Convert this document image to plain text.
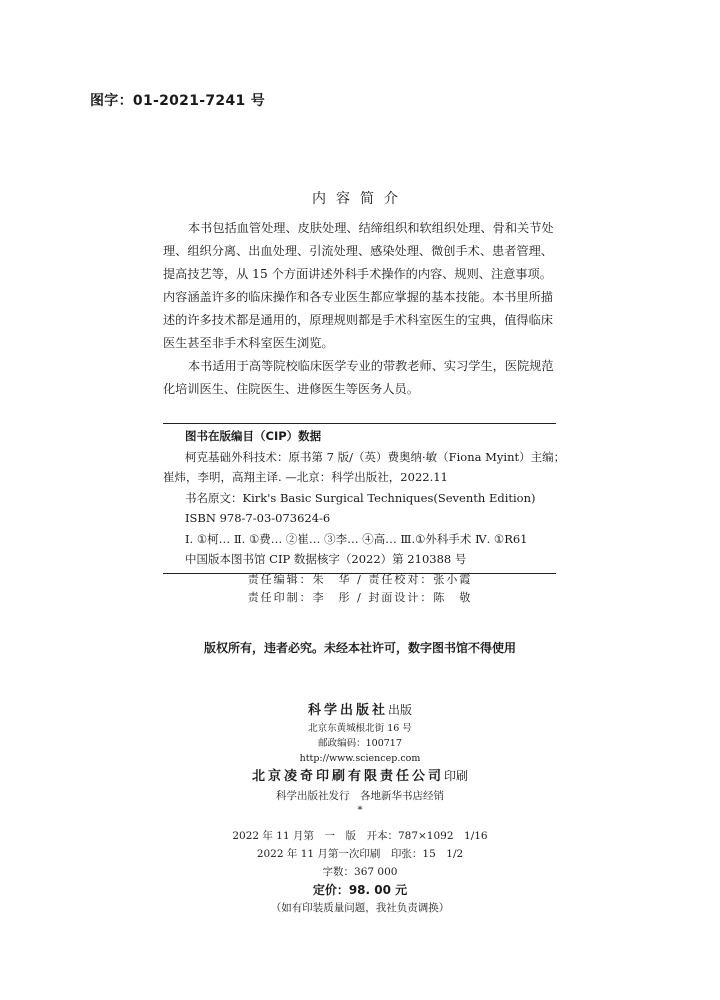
图字：01-2021-7241 号
内容简介

本书包括血管处理、皮肤处理、结缔组织和软组织处理、骨和关节处理、组织分离、出血处理、引流处理、感染处理、微创手术、患者管理、提高技艺等，从 15 个方面讲述外科手术操作的内容、规则、注意事项。内容涵盖许多的临床操作和各专业医生都应掌握的基本技能。本书里所描述的许多技术都是通用的，原理规则都是手术科室医生的宝典，值得临床医生甚至非手术科室医生浏览。

本书适用于高等院校临床医学专业的带教老师、实习学生，医院规范化培训医生、住院医生、进修医生等医务人员。

图书在版编目（CIP）数据
柯克基础外科技术：原书第 7 版/（英）费奥纳·敏（Fiona Myint）主编；
崔炜，李明，高翔主译. —北京：科学出版社，2022.11
书名原文：Kirk's Basic Surgical Techniques(Seventh Edition)
ISBN 978-7-03-073624-6
Ⅰ. ①柯… Ⅱ. ①费… ②崔… ③李… ④高… Ⅲ.①外科手术 Ⅳ. ①R61
中国版本图书馆 CIP 数据核字（2022）第 210388 号
责任编辑：朱　华 / 责任校对：张小霞
责任印制：李　彤 / 封面设计：陈　敬
版权所有，违者必究。未经本社许可，数字图书馆不得使用
科学出版社出版
北京东黄城根北街 16 号
邮政编码：100717
http://www.sciencep.com
北京凌奇印刷有限责任公司印刷
科学出版社发行　各地新华书店经销
*
2022 年 11 月第　一　版　开本：787×1092　1/16
2022 年 11 月第一次印刷　印张：15　1/2
字数：367 000
定价：98. 00 元
（如有印装质量问题，我社负责调换）
